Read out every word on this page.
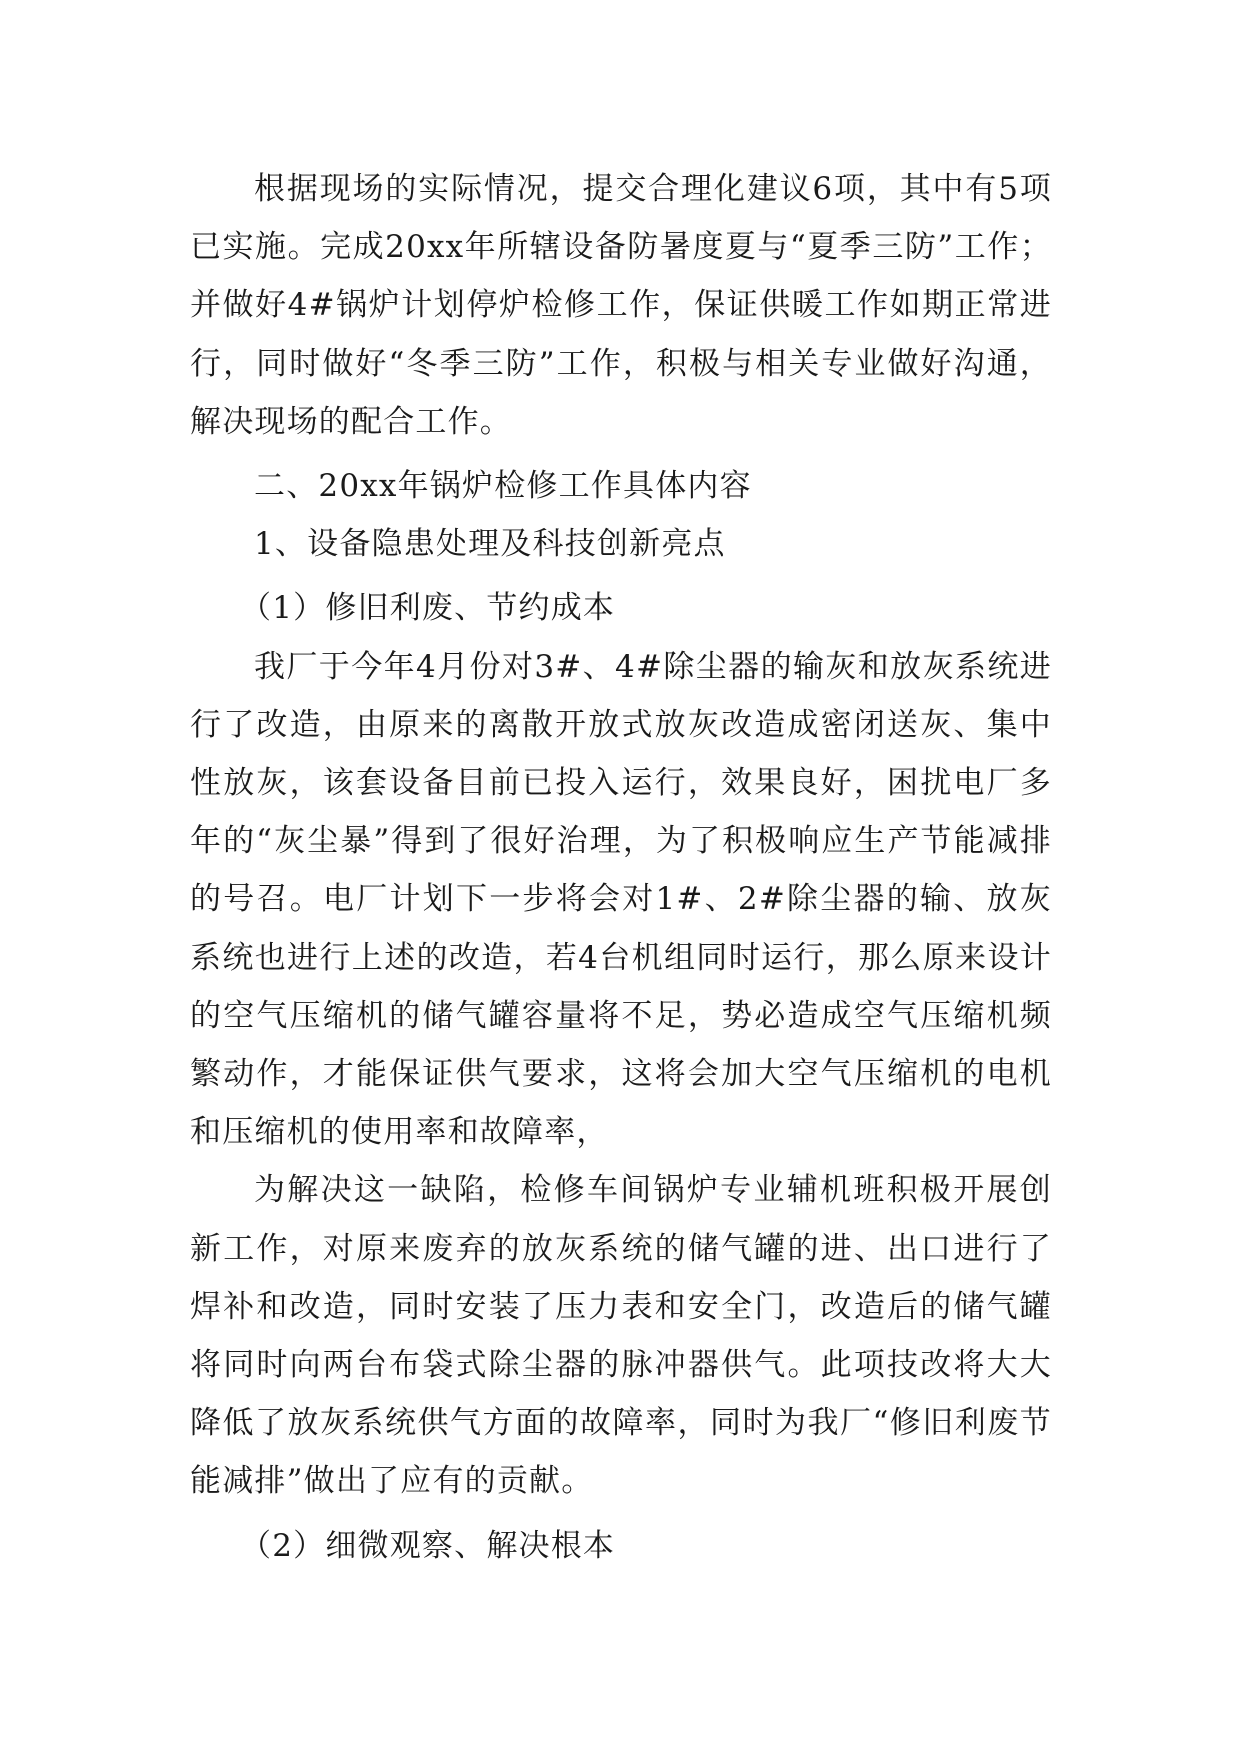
根据现场的实际情况，提交合理化建议6项，其中有5项已实施。完成20xx年所辖设备防暑度夏与“夏季三防”工作；并做好4#锅炉计划停炉检修工作，保证供暖工作如期正常进行，同时做好“冬季三防”工作，积极与相关专业做好沟通，解决现场的配合工作。

二、20xx年锅炉检修工作具体内容

1、设备隐患处理及科技创新亮点

（1）修旧利废、节约成本

我厂于今年4月份对3#、4#除尘器的输灰和放灰系统进行了改造，由原来的离散开放式放灰改造成密闭送灰、集中性放灰，该套设备目前已投入运行，效果良好，困扰电厂多年的“灰尘暴”得到了很好治理，为了积极响应生产节能减排的号召。电厂计划下一步将会对1#、2#除尘器的输、放灰系统也进行上述的改造，若4台机组同时运行，那么原来设计的空气压缩机的储气罐容量将不足，势必造成空气压缩机频繁动作，才能保证供气要求，这将会加大空气压缩机的电机和压缩机的使用率和故障率，

为解决这一缺陷，检修车间锅炉专业辅机班积极开展创新工作，对原来废弃的放灰系统的储气罐的进、出口进行了焊补和改造，同时安装了压力表和安全门，改造后的储气罐将同时向两台布袋式除尘器的脉冲器供气。此项技改将大大降低了放灰系统供气方面的故障率，同时为我厂“修旧利废节能减排”做出了应有的贡献。

（2）细微观察、解决根本
